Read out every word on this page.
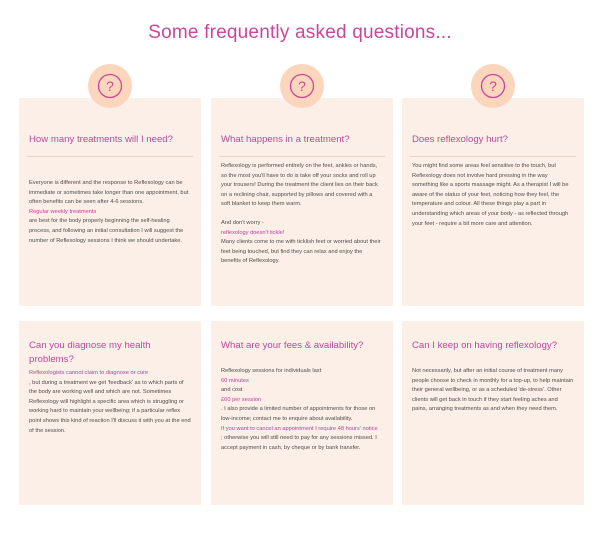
Some frequently asked questions...
?

How many treatments will I need?

Everyone is different and the response to Reflexology can be immediate or sometimes take longer than one appointment, but often benefits can be seen after 4-6 sessions.
Regular weekly treatments
are best for the body properly beginning the self-healing process, and following an initial consultation I will suggest the number of Reflexology sessions I think we should undertake.
?

What happens in a treatment?

Reflexology is performed entirely on the feet, ankles or hands, so the most you'll have to do is take off your socks and roll up your trousers! During the treatment the client lies on their back on a reclining chair, supported by pillows and covered with a soft blanket to keep them warm.
And don't worry -
reflexology doesn't tickle!
Many clients come to me with ticklish feet or worried about their feet being touched, but find they can relax and enjoy the benefits of Reflexology.
?

Does reflexology hurt?

You might find some areas feel sensitive to the touch, but Reflexology does not involve hard pressing in the way something like a sports massage might. As a therapist I will be aware of the status of your feet, noticing how they feel, the temperature and colour. All these things play a part in understanding which areas of your body - as reflected through your feet - require a bit more care and attention.

Can you diagnose my health problems?

Reflexologists cannot claim to diagnose or cure
, but during a treatment we get 'feedback' as to which parts of the body are working well and which are not. Sometimes Reflexology will highlight a specific area which is struggling or working hard to maintain your wellbeing; if a particular reflex point shows this kind of reaction I'll discuss it with you at the end of the session.

What are your fees & availability?

Reflexology sessions for individuals last
60 minutes
and cost
£60 per session
. I also provide a limited number of appointments for those on low-income; contact me to enquire about availability.
If you want to cancel an appointment I require 48 hours' notice
; otherwise you will still need to pay for any sessions missed. I accept payment in cash, by cheque or by bank transfer.

Can I keep on having reflexology?

Not necessarily, but after an initial course of treatment many people choose to check in monthly for a top-up, to help maintain their general wellbeing, or as a scheduled 'de-stress'. Other clients will get back in touch if they start feeling aches and pains, arranging treatments as and when they need them.
